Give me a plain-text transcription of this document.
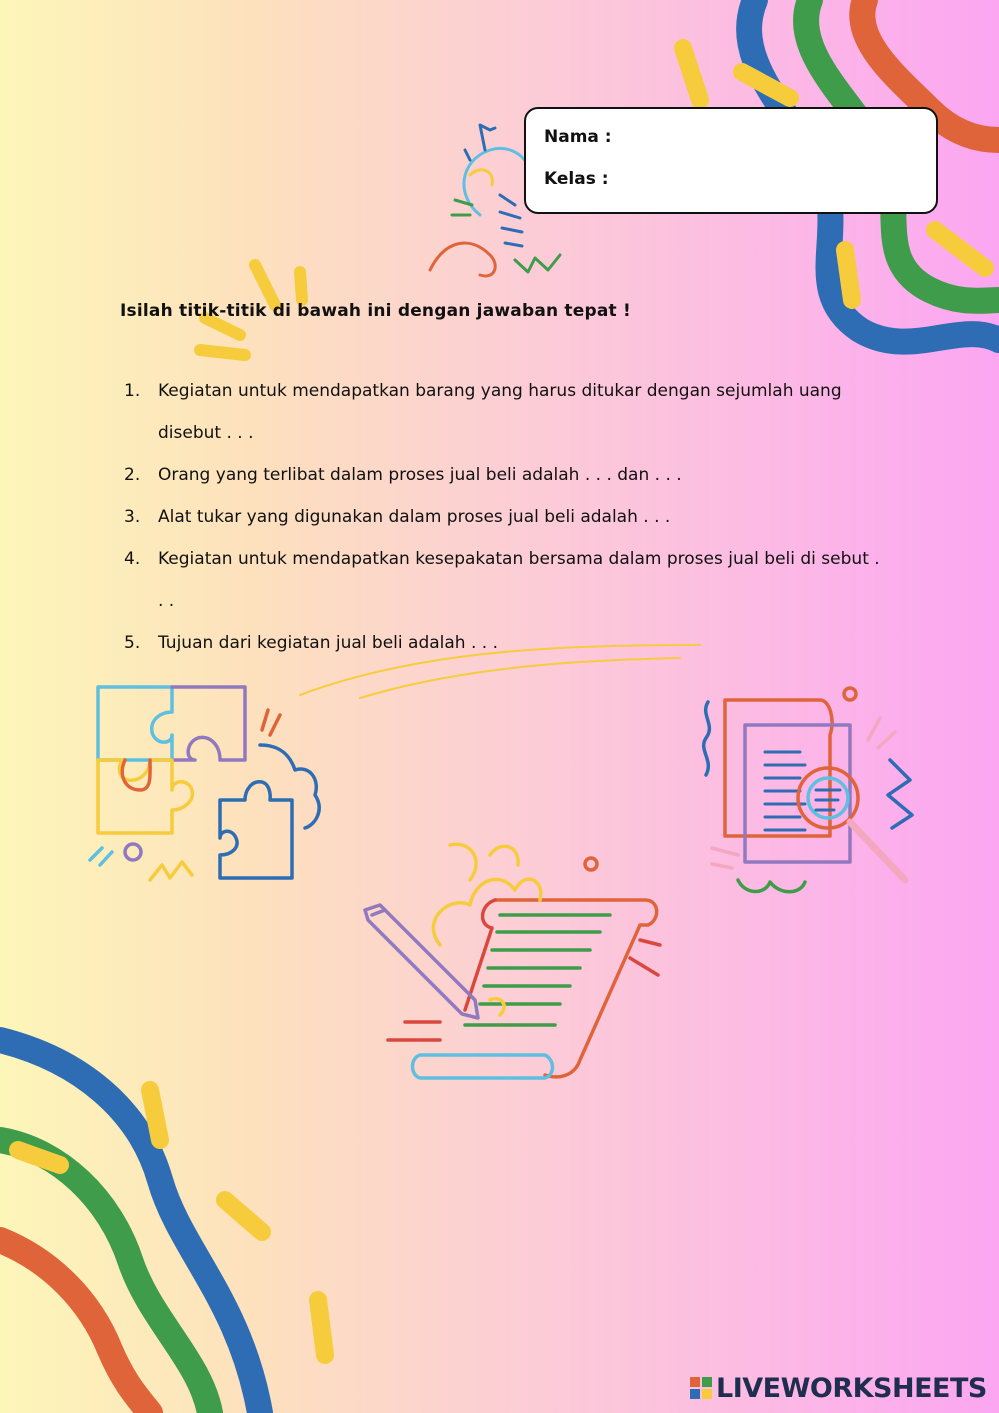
Nama :
Kelas :
Isilah titik-titik di bawah ini dengan jawaban tepat !
1. Kegiatan untuk mendapatkan barang yang harus ditukar dengan sejumlah uang disebut . . .
2. Orang yang terlibat dalam proses jual beli adalah . . . dan . . .
3. Alat tukar yang digunakan dalam proses jual beli adalah . . .
4. Kegiatan untuk mendapatkan kesepakatan bersama dalam proses jual beli di sebut . . .
5. Tujuan dari kegiatan jual beli adalah . . .
LIVEWORKSHEETS
